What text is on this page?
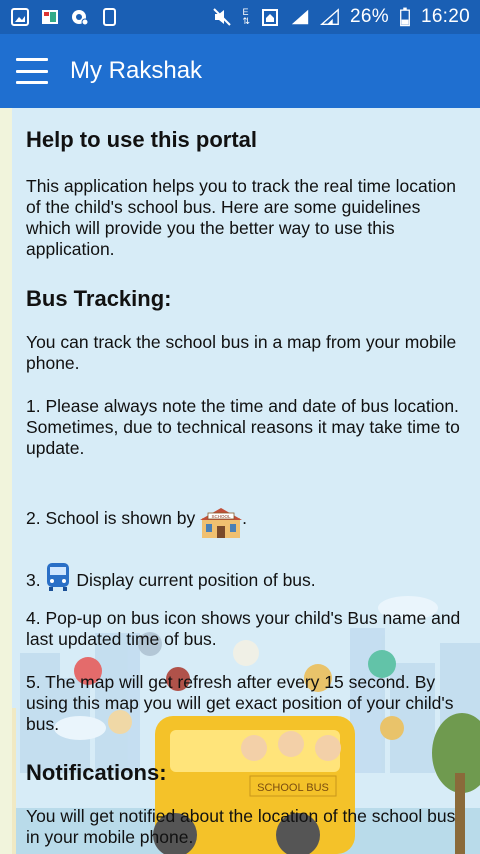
E
⇅	26% 16:20
My Rakshak
SCHOOL BUS
Help to use this portal

This application helps you to track the real time location of the child's school bus. Here are some guidelines which will provide you the better way to use this application.

Bus Tracking:

You can track the school bus in a map from your mobile phone.

1. Please always note the time and date of bus location. Sometimes, due to technical reasons it may take time to update.

2. School is shown by	SCHOOL .

3. Display current position of bus.

4. Pop-up on bus icon shows your child's Bus name and last updated time of bus.

5. The map will get refresh after every 15 second. By using this map you will get exact position of your child's bus.

Notifications:

You will get notified about the location of the school bus in your mobile phone.
